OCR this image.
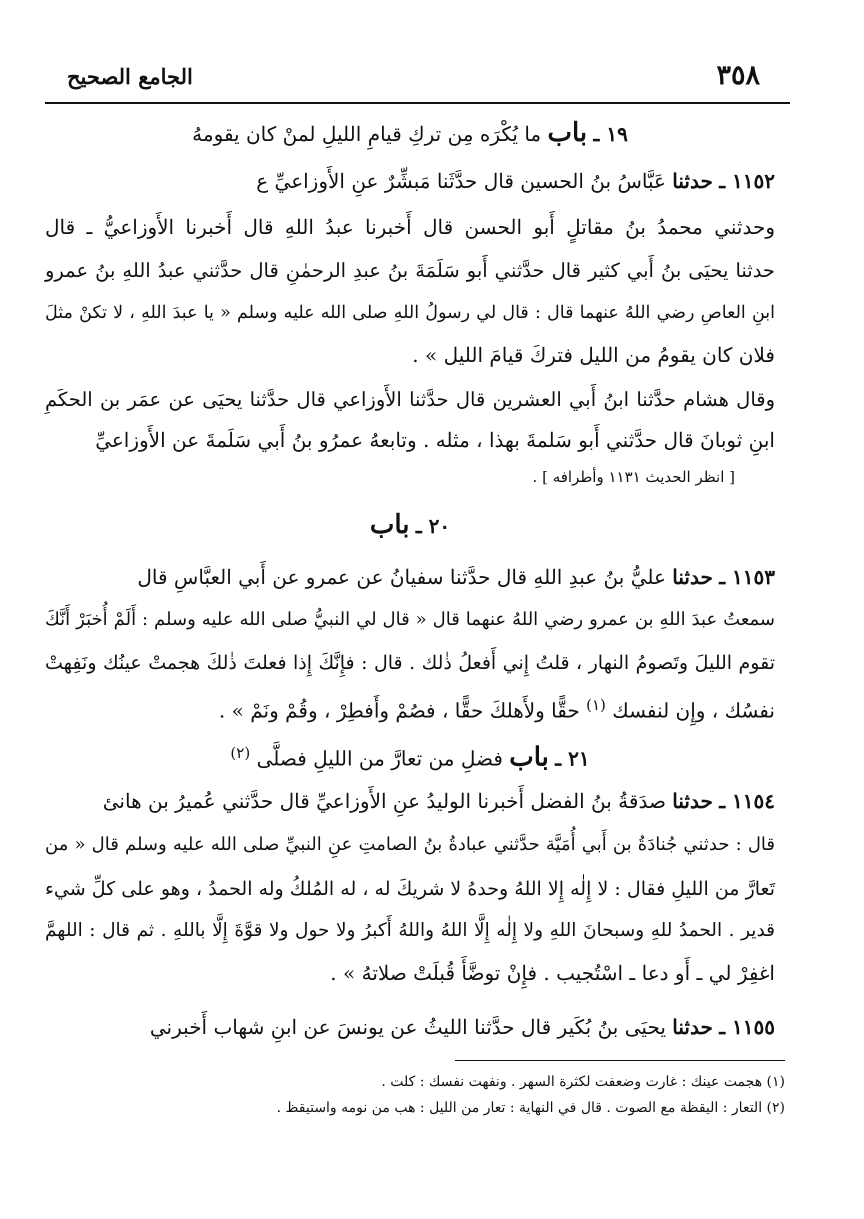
٣٥٨
الجامع الصحيح
١٩ ـ باب ما يُكْرَه مِن تركِ قيامِ الليلِ لمنْ كان يقومهُ
١١٥٢ ـ حدثنا عَبَّاسُ بنُ الحسين قال حدَّثَنا مَبشِّرٌ عنِ الأَوزاعيِّ ع
وحدثني محمدُ بنُ مقاتلٍ أَبو الحسن قال أَخبرنا عبدُ اللهِ قال أَخبرنا الأَوزاعيُّ ـ قال
حدثنا يحيَى بنُ أَبي كثير قال حدَّثني أَبو سَلَمَةَ بنُ عبدِ الرحمٰنِ قال حدَّثني عبدُ اللهِ بنُ عمرو
ابنِ العاصِ رضي اللهُ عنهما قال : قال لي رسولُ اللهِ صلى الله عليه وسلم « يا عبدَ اللهِ ، لا تكنْ مثلَ
فلان كان يقومُ من الليل فتركَ قيامَ الليل » .
وقال هشام حدَّثنا ابنُ أَبي العشرين قال حدَّثنا الأَوزاعي قال حدَّثنا يحيَى عن عمَر بن الحكَمِ
ابنِ ثوبانَ قال حدَّثني أَبو سَلمةَ بهذا ، مثله . وتابعهُ عمرُو بنُ أَبي سَلَمةَ عن الأَوزاعيِّ
[ انظر الحديث ١١٣١ وأطرافه ] .
٢٠ ـ باب
١١٥٣ ـ حدثنا عليُّ بنُ عبدِ اللهِ قال حدَّثنا سفيانُ عن عمرو عن أَبي العبَّاسِ قال
سمعتُ عبدَ اللهِ بن عمرو رضي اللهُ عنهما قال « قال لي النبيُّ صلى الله عليه وسلم : أَلَمْ أُخبَرْ أَنَّكَ
تقوم الليلَ وتَصومُ النهار ، قلتُ إِني أَفعلُ ذٰلك . قال : فإِنَّكَ إِذا فعلتَ ذٰلكَ هجمتْ عينُك ونَفِهتْ
نفسُك ، وإِن لنفسك $^{(١)}$ حقًّا ولأَهلكَ حقًّا ، فصُمْ وأَفطِرْ ، وقُمْ ونَمْ » .
٢١ ـ باب فضلِ من تعارَّ من الليلِ فصلَّى $^{(٢)}$
١١٥٤ ـ حدثنا صدَقةُ بنُ الفضل أَخبرنا الوليدُ عنِ الأَوزاعيِّ قال حدَّثني عُميرُ بن هانئ
قال : حدثني جُنادَةُ بن أَبي أُمَيَّة حدَّثني عبادةُ بنُ الصامتِ عنِ النبيِّ صلى الله عليه وسلم قال « من
تَعارَّ من الليلِ فقال : لا إِلٰه إِلا اللهُ وحدهُ لا شريكَ له ، له المُلكُ وله الحمدُ ، وهو على كلِّ شيء
قدير . الحمدُ للهِ وسبحانَ اللهِ ولا إِلٰه إِلَّا اللهُ واللهُ أَكبرُ ولا حول ولا قوَّةَ إِلَّا باللهِ . ثم قال : اللهمَّ
اغفِرْ لي ـ أَو دعا ـ اسْتُجيب . فإِنْ توضَّأَ قُبلَتْ صلاتهُ » .
١١٥٥ ـ حدثنا يحيَى بنُ بُكَير قال حدَّثنا الليثُ عن يونسَ عن ابنِ شهاب أَخبرني
(١) هجمت عينك : غارت وضعفت لكثرة السهر . ونفهت نفسك : كلت .
(٢) التعار : اليقظة مع الصوت . قال في النهاية : تعار من الليل : هب من نومه واستيقظ .
